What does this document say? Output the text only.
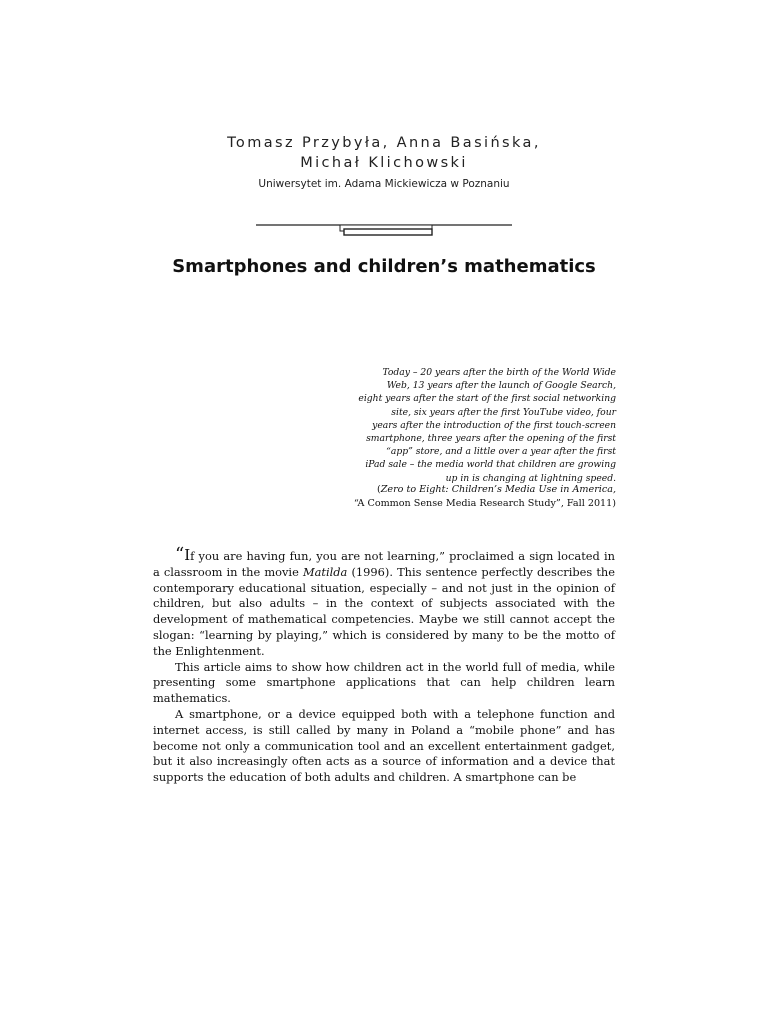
Tomasz Przybyła, Anna Basińska,
Michał Klichowski
Uniwersytet im. Adama Mickiewicza w Poznaniu
Smartphones and children’s mathematics
Today – 20 years after the birth of the World Wide
Web, 13 years after the launch of Google Search,
eight years after the start of the first social networking
site, six years after the first YouTube video, four
years after the introduction of the first touch-screen
smartphone, three years after the opening of the first
“app” store, and a little over a year after the first
iPad sale – the media world that children are growing
up in is changing at lightning speed.
(Zero to Eight: Children’s Media Use in America,
“A Common Sense Media Research Study”, Fall 2011)

“If you are having fun, you are not learning,” proclaimed a sign located in a classroom in the movie Matilda (1996). This sentence perfectly describes the contemporary educational situation, especially – and not just in the opinion of children, but also adults – in the context of subjects associated with the development of mathematical competencies. Maybe we still cannot accept the slogan: “learning by playing,” which is considered by many to be the motto of the Enlightenment.

This article aims to show how children act in the world full of media, while presenting some smartphone applications that can help children learn mathematics.

A smartphone, or a device equipped both with a telephone function and internet access, is still called by many in Poland a “mobile phone” and has become not only a communication tool and an excellent entertainment gadget, but it also increasingly often acts as a source of information and a device that supports the education of both adults and children. A smartphone can be
